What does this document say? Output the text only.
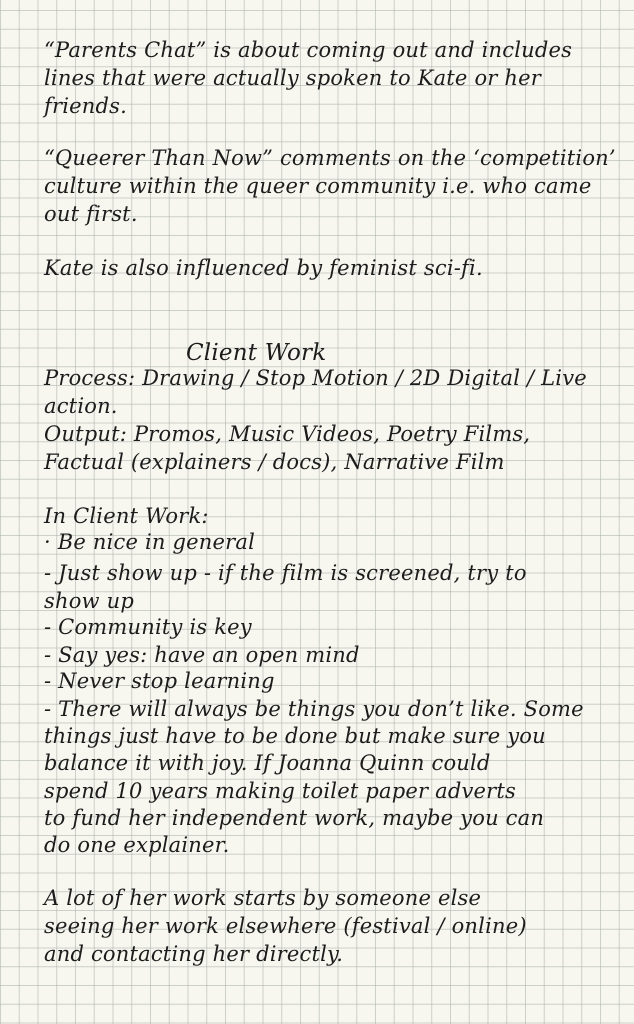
“Parents Chat” is about coming out and includes
lines that were actually spoken to Kate or her
friends.
“Queerer Than Now” comments on the ‘competition’
culture within the queer community i.e. who came
out first.
Kate is also influenced by feminist sci-fi.
Client Work
Process: Drawing / Stop Motion / 2D Digital / Live
action.
Output: Promos, Music Videos, Poetry Films,
Factual (explainers / docs), Narrative Film
In Client Work:
· Be nice in general
- Just show up - if the film is screened, try to
show up
- Community is key
- Say yes: have an open mind
- Never stop learning
- There will always be things you don’t like. Some
things just have to be done but make sure you
balance it with joy. If Joanna Quinn could
spend 10 years making toilet paper adverts
to fund her independent work, maybe you can
do one explainer.
A lot of her work starts by someone else
seeing her work elsewhere (festival / online)
and contacting her directly.
